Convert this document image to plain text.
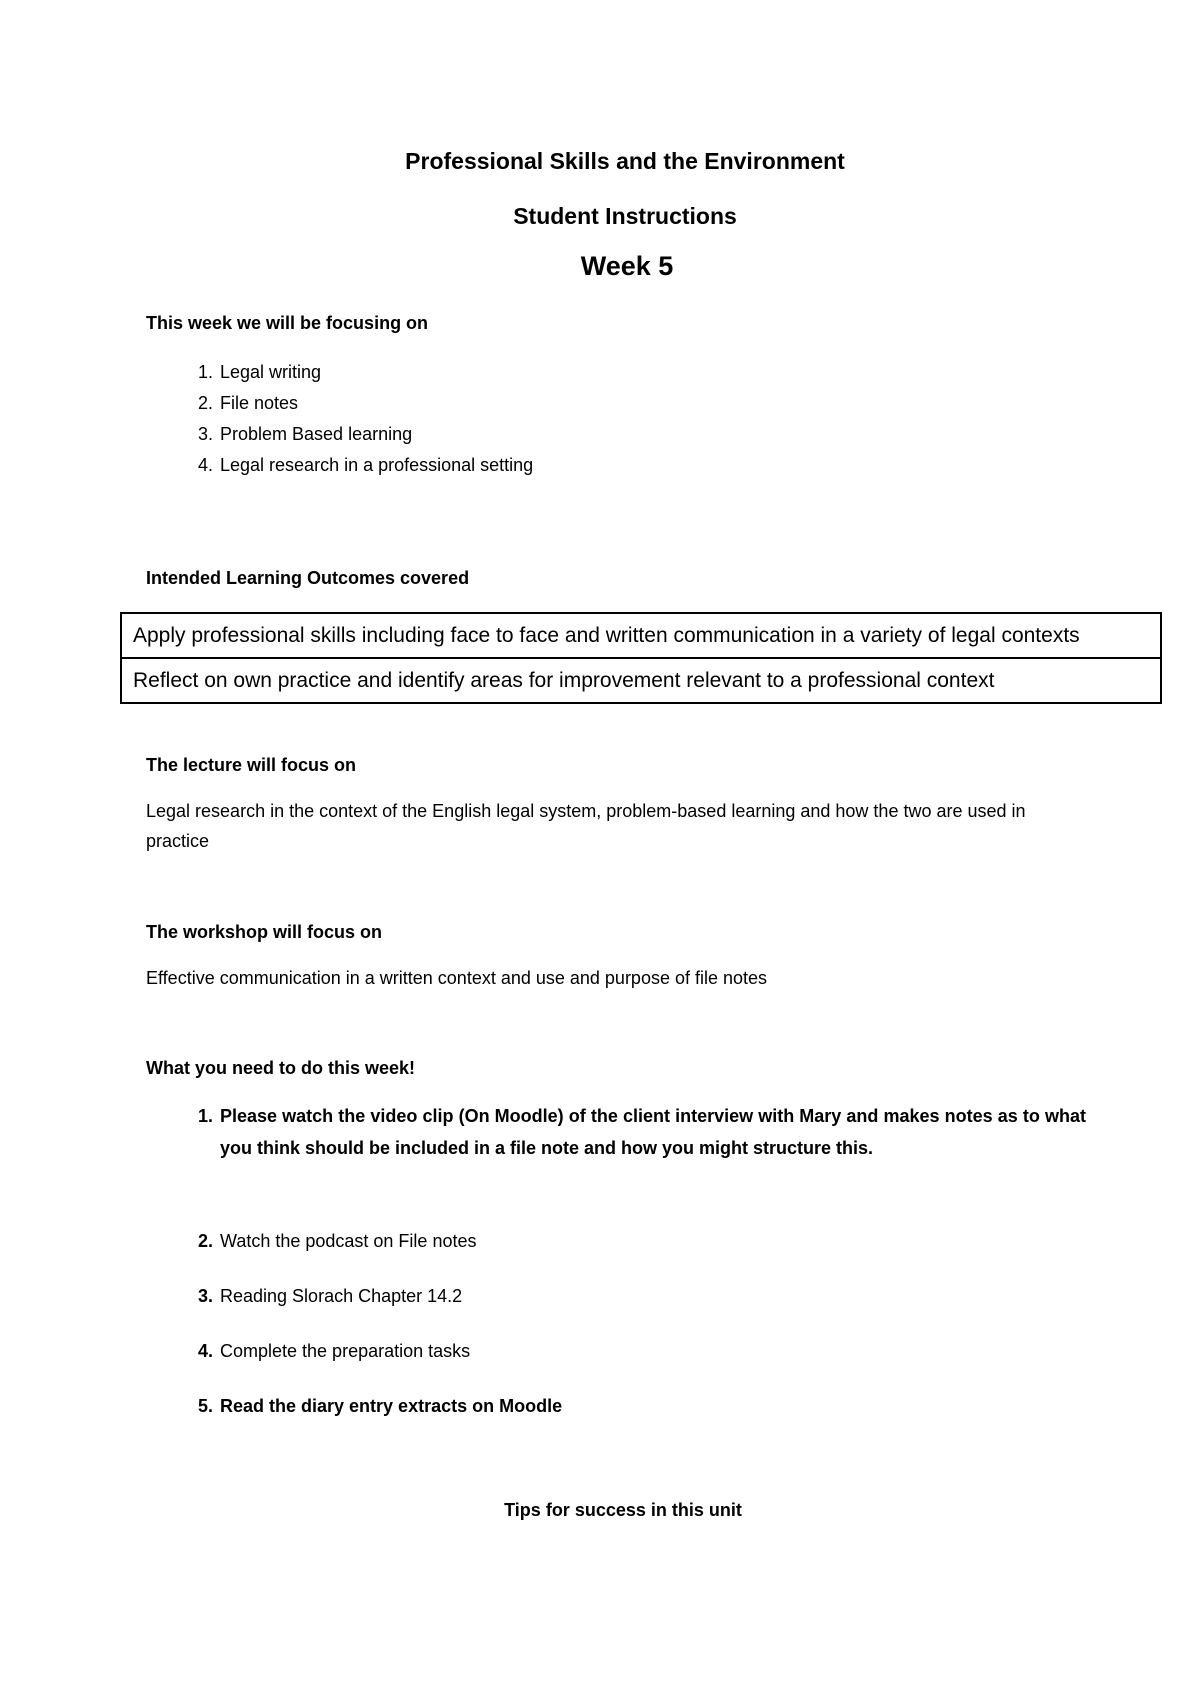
Professional Skills and the Environment
Student Instructions
Week 5
This week we will be focusing on
1. Legal writing
2. File notes
3. Problem Based learning
4. Legal research in a professional setting
Intended Learning Outcomes covered
Apply professional skills including face to face and written communication in a variety of legal contexts
Reflect on own practice and identify areas for improvement relevant to a professional context
The lecture will focus on
Legal research in the context of the English legal system, problem-based learning and how the two are used in practice
The workshop will focus on
Effective communication in a written context and use and purpose of file notes
What you need to do this week!
1. Please watch the video clip (On Moodle) of the client interview with Mary and makes notes as to what you think should be included in a file note and how you might structure this.
2. Watch the podcast on File notes
3. Reading Slorach Chapter 14.2
4. Complete the preparation tasks
5. Read the diary entry extracts on Moodle
Tips for success in this unit
